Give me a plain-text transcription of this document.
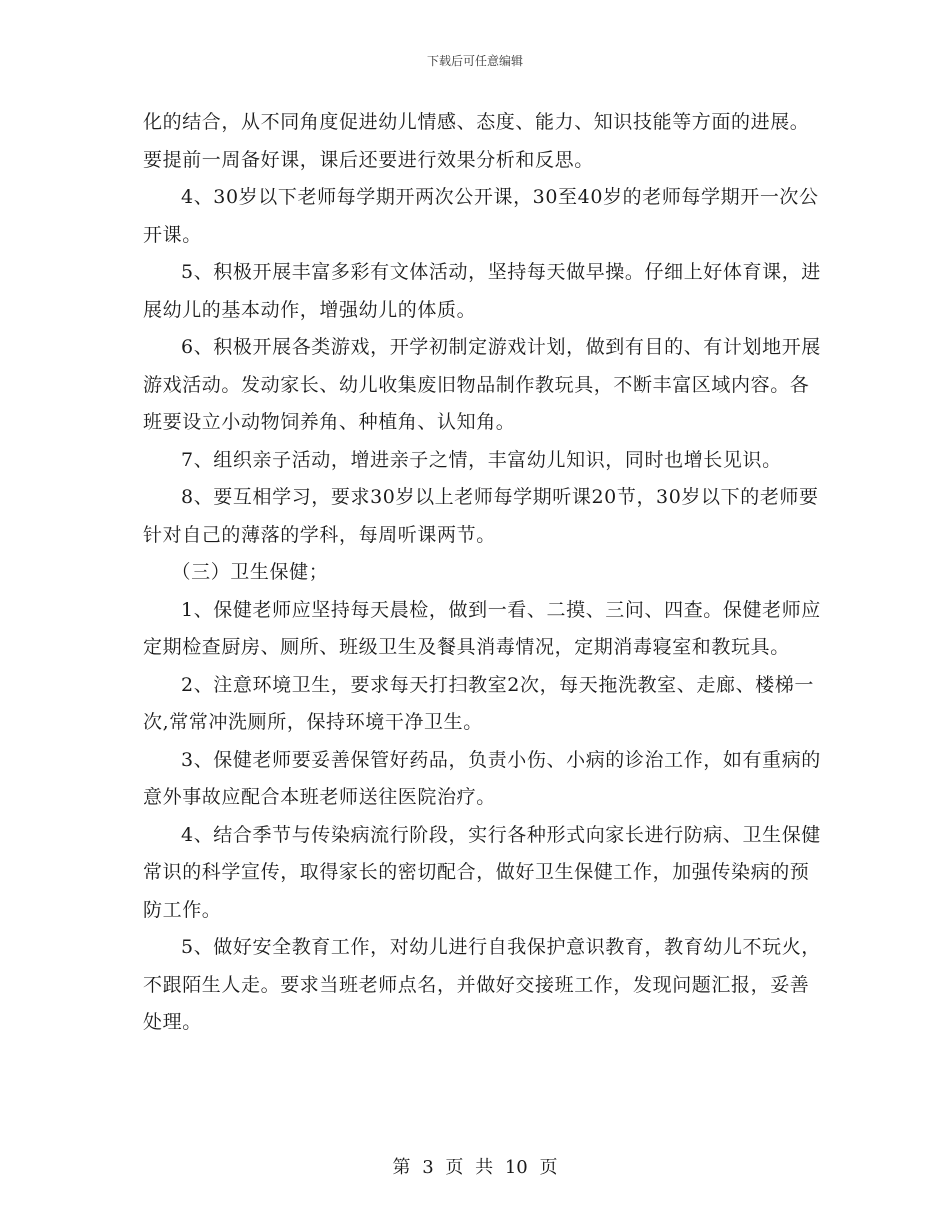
下载后可任意编辑

化的结合，从不同角度促进幼儿情感、态度、能力、知识技能等方面的进展。要提前一周备好课，课后还要进行效果分析和反思。

4、30岁以下老师每学期开两次公开课，30至40岁的老师每学期开一次公开课。

5、积极开展丰富多彩有文体活动，坚持每天做早操。仔细上好体育课，进展幼儿的基本动作，增强幼儿的体质。

6、积极开展各类游戏，开学初制定游戏计划，做到有目的、有计划地开展游戏活动。发动家长、幼儿收集废旧物品制作教玩具，不断丰富区域内容。各班要设立小动物饲养角、种植角、认知角。

7、组织亲子活动，增进亲子之情，丰富幼儿知识，同时也增长见识。

8、要互相学习，要求30岁以上老师每学期听课20节，30岁以下的老师要针对自己的薄落的学科，每周听课两节。

（三）卫生保健；

1、保健老师应坚持每天晨检，做到一看、二摸、三问、四查。保健老师应定期检查厨房、厕所、班级卫生及餐具消毒情况，定期消毒寝室和教玩具。

2、注意环境卫生，要求每天打扫教室2次，每天拖洗教室、走廊、楼梯一次,常常冲洗厕所，保持环境干净卫生。

3、保健老师要妥善保管好药品，负责小伤、小病的诊治工作，如有重病的意外事故应配合本班老师送往医院治疗。

4、结合季节与传染病流行阶段，实行各种形式向家长进行防病、卫生保健常识的科学宣传，取得家长的密切配合，做好卫生保健工作，加强传染病的预防工作。

5、做好安全教育工作，对幼儿进行自我保护意识教育，教育幼儿不玩火，不跟陌生人走。要求当班老师点名，并做好交接班工作，发现问题汇报，妥善处理。

第 3 页 共 10 页
